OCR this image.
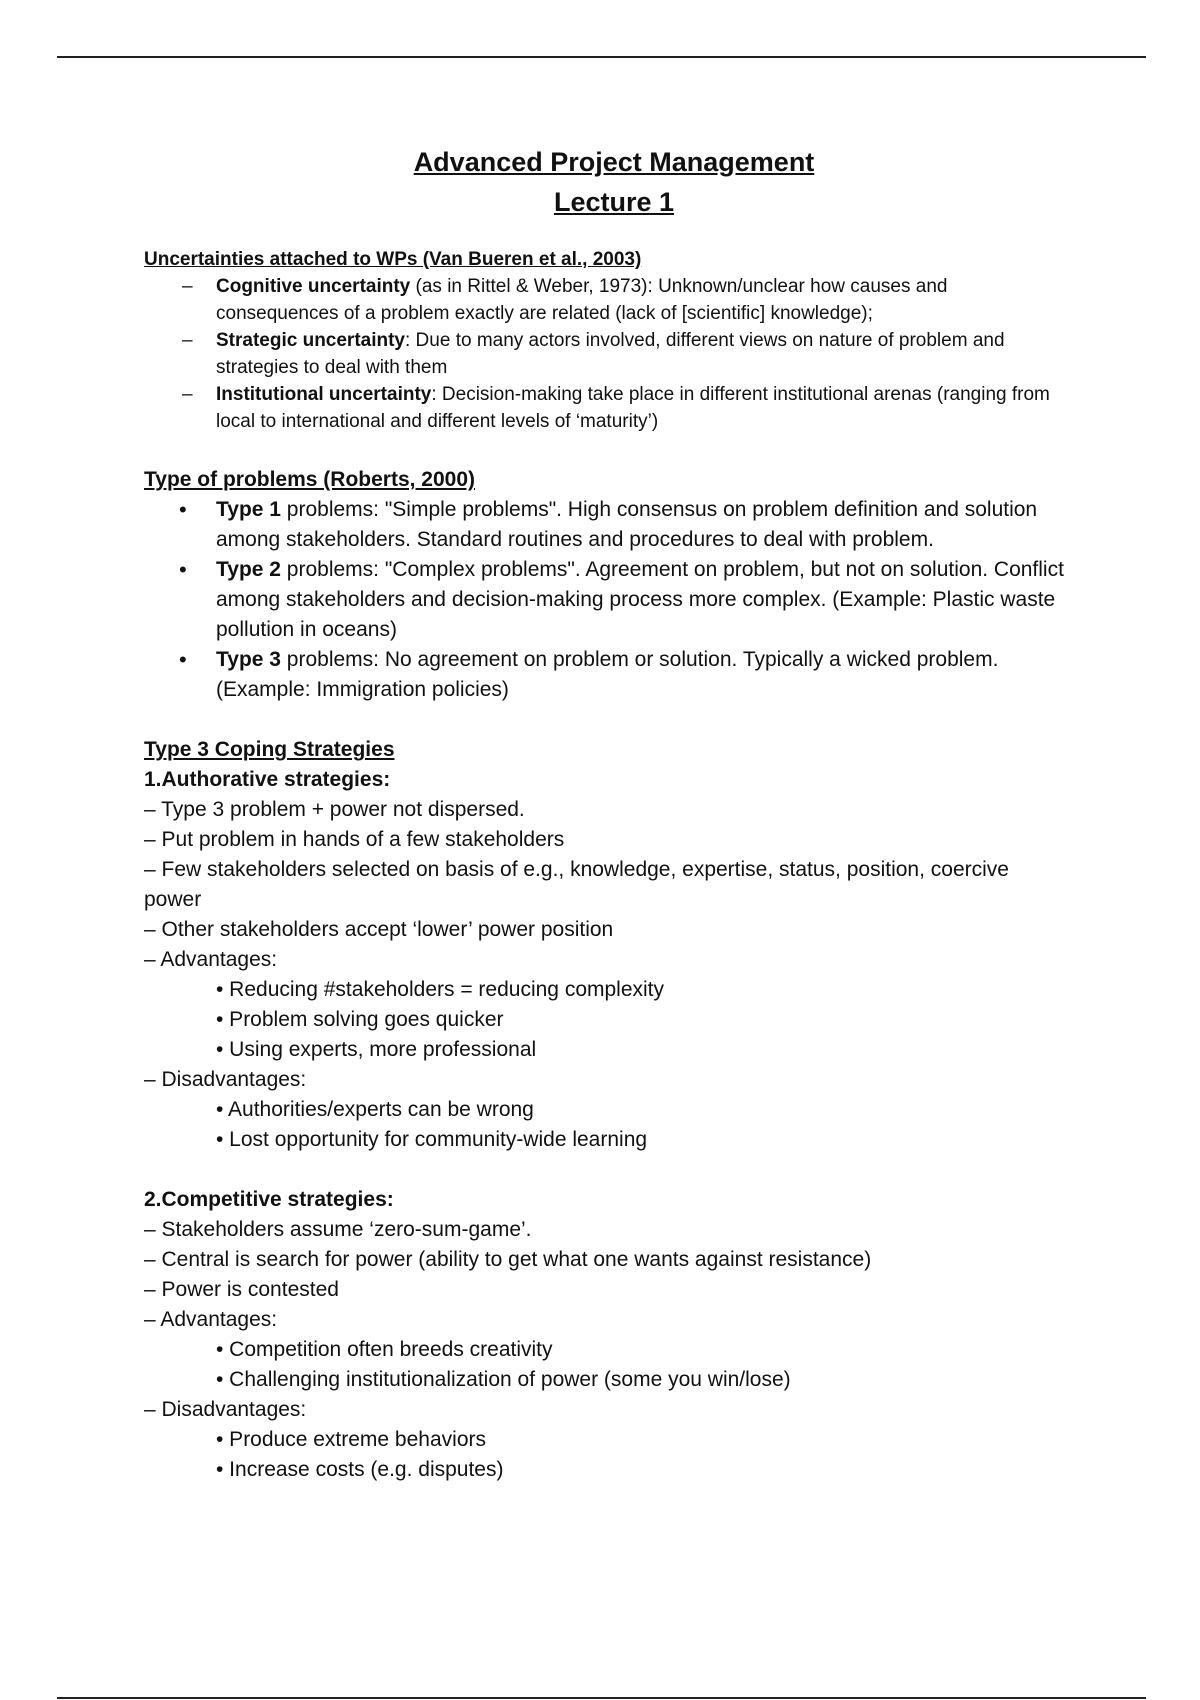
Advanced Project Management
Lecture 1
Uncertainties attached to WPs (Van Bueren et al., 2003)
– Cognitive uncertainty (as in Rittel & Weber, 1973): Unknown/unclear how causes and consequences of a problem exactly are related (lack of [scientific] knowledge);
– Strategic uncertainty: Due to many actors involved, different views on nature of problem and strategies to deal with them
– Institutional uncertainty: Decision-making take place in different institutional arenas (ranging from local to international and different levels of ‘maturity’)
Type of problems (Roberts, 2000)
• Type 1 problems: "Simple problems". High consensus on problem definition and solution among stakeholders. Standard routines and procedures to deal with problem.
• Type 2 problems: "Complex problems". Agreement on problem, but not on solution. Conflict among stakeholders and decision-making process more complex. (Example: Plastic waste pollution in oceans)
• Type 3 problems: No agreement on problem or solution. Typically a wicked problem. (Example: Immigration policies)
Type 3 Coping Strategies
1.Authorative strategies:

– Type 3 problem + power not dispersed.

– Put problem in hands of a few stakeholders

– Few stakeholders selected on basis of e.g., knowledge, expertise, status, position, coercive power

– Other stakeholders accept ‘lower’ power position

– Advantages:

• Reducing #stakeholders = reducing complexity

• Problem solving goes quicker

• Using experts, more professional

– Disadvantages:

• Authorities/experts can be wrong

• Lost opportunity for community-wide learning

2.Competitive strategies:

– Stakeholders assume ‘zero-sum-game’.

– Central is search for power (ability to get what one wants against resistance)

– Power is contested

– Advantages:

• Competition often breeds creativity

• Challenging institutionalization of power (some you win/lose)

– Disadvantages:

• Produce extreme behaviors

• Increase costs (e.g. disputes)
